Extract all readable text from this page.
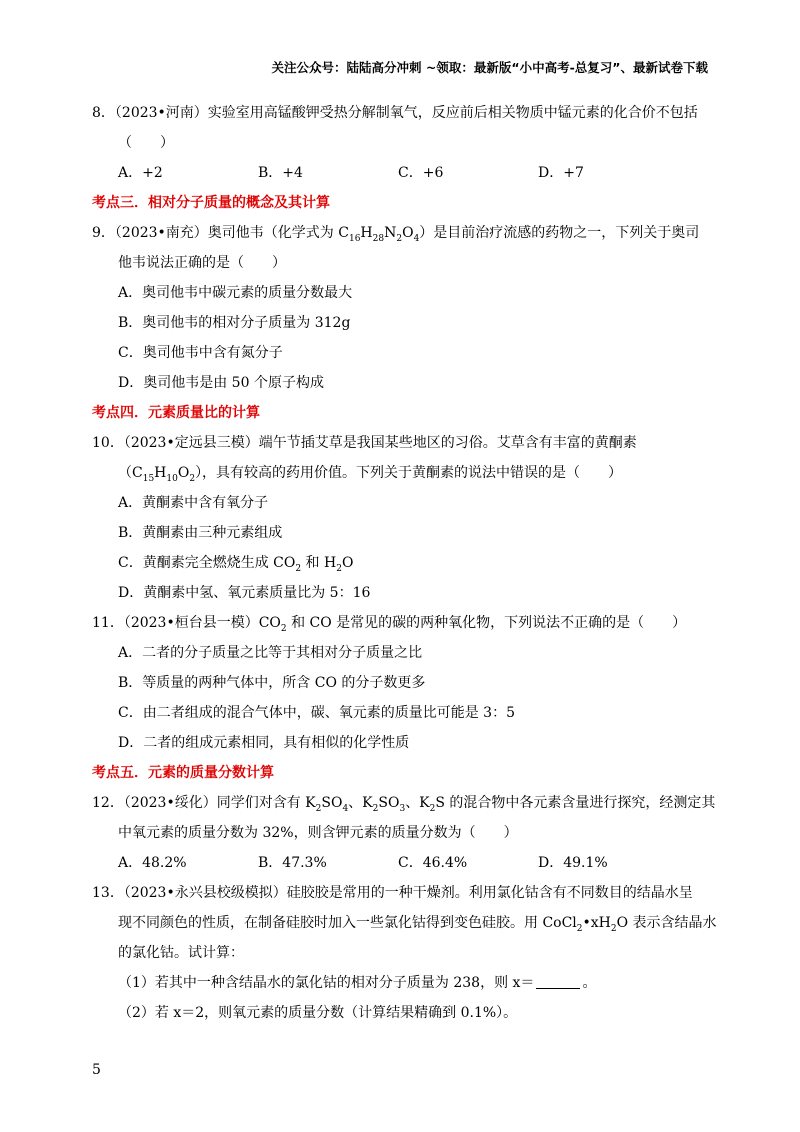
关注公众号：陆陆高分冲刺 ~领取：最新版“小中高考-总复习”、最新试卷下载
8．（2023•河南）实验室用高锰酸钾受热分解制氧气，反应前后相关物质中锰元素的化合价不包括
（　　）
A．+2	B．+4	C．+6	D．+7
考点三．相对分子质量的概念及其计算
9．（2023•南充）奥司他韦（化学式为 $C_{16}H_{28}N_2O_4$）是目前治疗流感的药物之一，下列关于奥司
他韦说法正确的是（　　）
A．奥司他韦中碳元素的质量分数最大
B．奥司他韦的相对分子质量为 312g
C．奥司他韦中含有氮分子
D．奥司他韦是由 50 个原子构成
考点四．元素质量比的计算
10．（2023•定远县三模）端午节插艾草是我国某些地区的习俗。艾草含有丰富的黄酮素
$(C_{15}H_{10}O_2)$，具有较高的药用价值。下列关于黄酮素的说法中错误的是（　　）
A．黄酮素中含有氧分子
B．黄酮素由三种元素组成
C．黄酮素完全燃烧生成 $CO_2$ 和 $H_2O$
D．黄酮素中氢、氧元素质量比为 5：16
11．（2023•桓台县一模）$CO_2$ 和 CO 是常见的碳的两种氧化物，下列说法不正确的是（　　）
A．二者的分子质量之比等于其相对分子质量之比
B．等质量的两种气体中，所含 CO 的分子数更多
C．由二者组成的混合气体中，碳、氧元素的质量比可能是 3：5
D．二者的组成元素相同，具有相似的化学性质
考点五．元素的质量分数计算
12．（2023•绥化）同学们对含有 $K_2SO_4$、$K_2SO_3$、$K_2S$ 的混合物中各元素含量进行探究，经测定其
中氧元素的质量分数为 32%，则含钾元素的质量分数为（　　）
A．48.2%	B．47.3%	C．46.4%	D．49.1%
13．（2023•永兴县校级模拟）硅胶胶是常用的一种干燥剂。利用氯化钴含有不同数目的结晶水呈
现不同颜色的性质，在制备硅胶时加入一些氯化钴得到变色硅胶。用 $CoCl_2•xH_2O$ 表示含结晶水
的氯化钴。试计算：
（1）若其中一种含结晶水的氯化钴的相对分子质量为 238，则 x＝	。
（2）若 x＝2，则氧元素的质量分数（计算结果精确到 0.1%）。
5
